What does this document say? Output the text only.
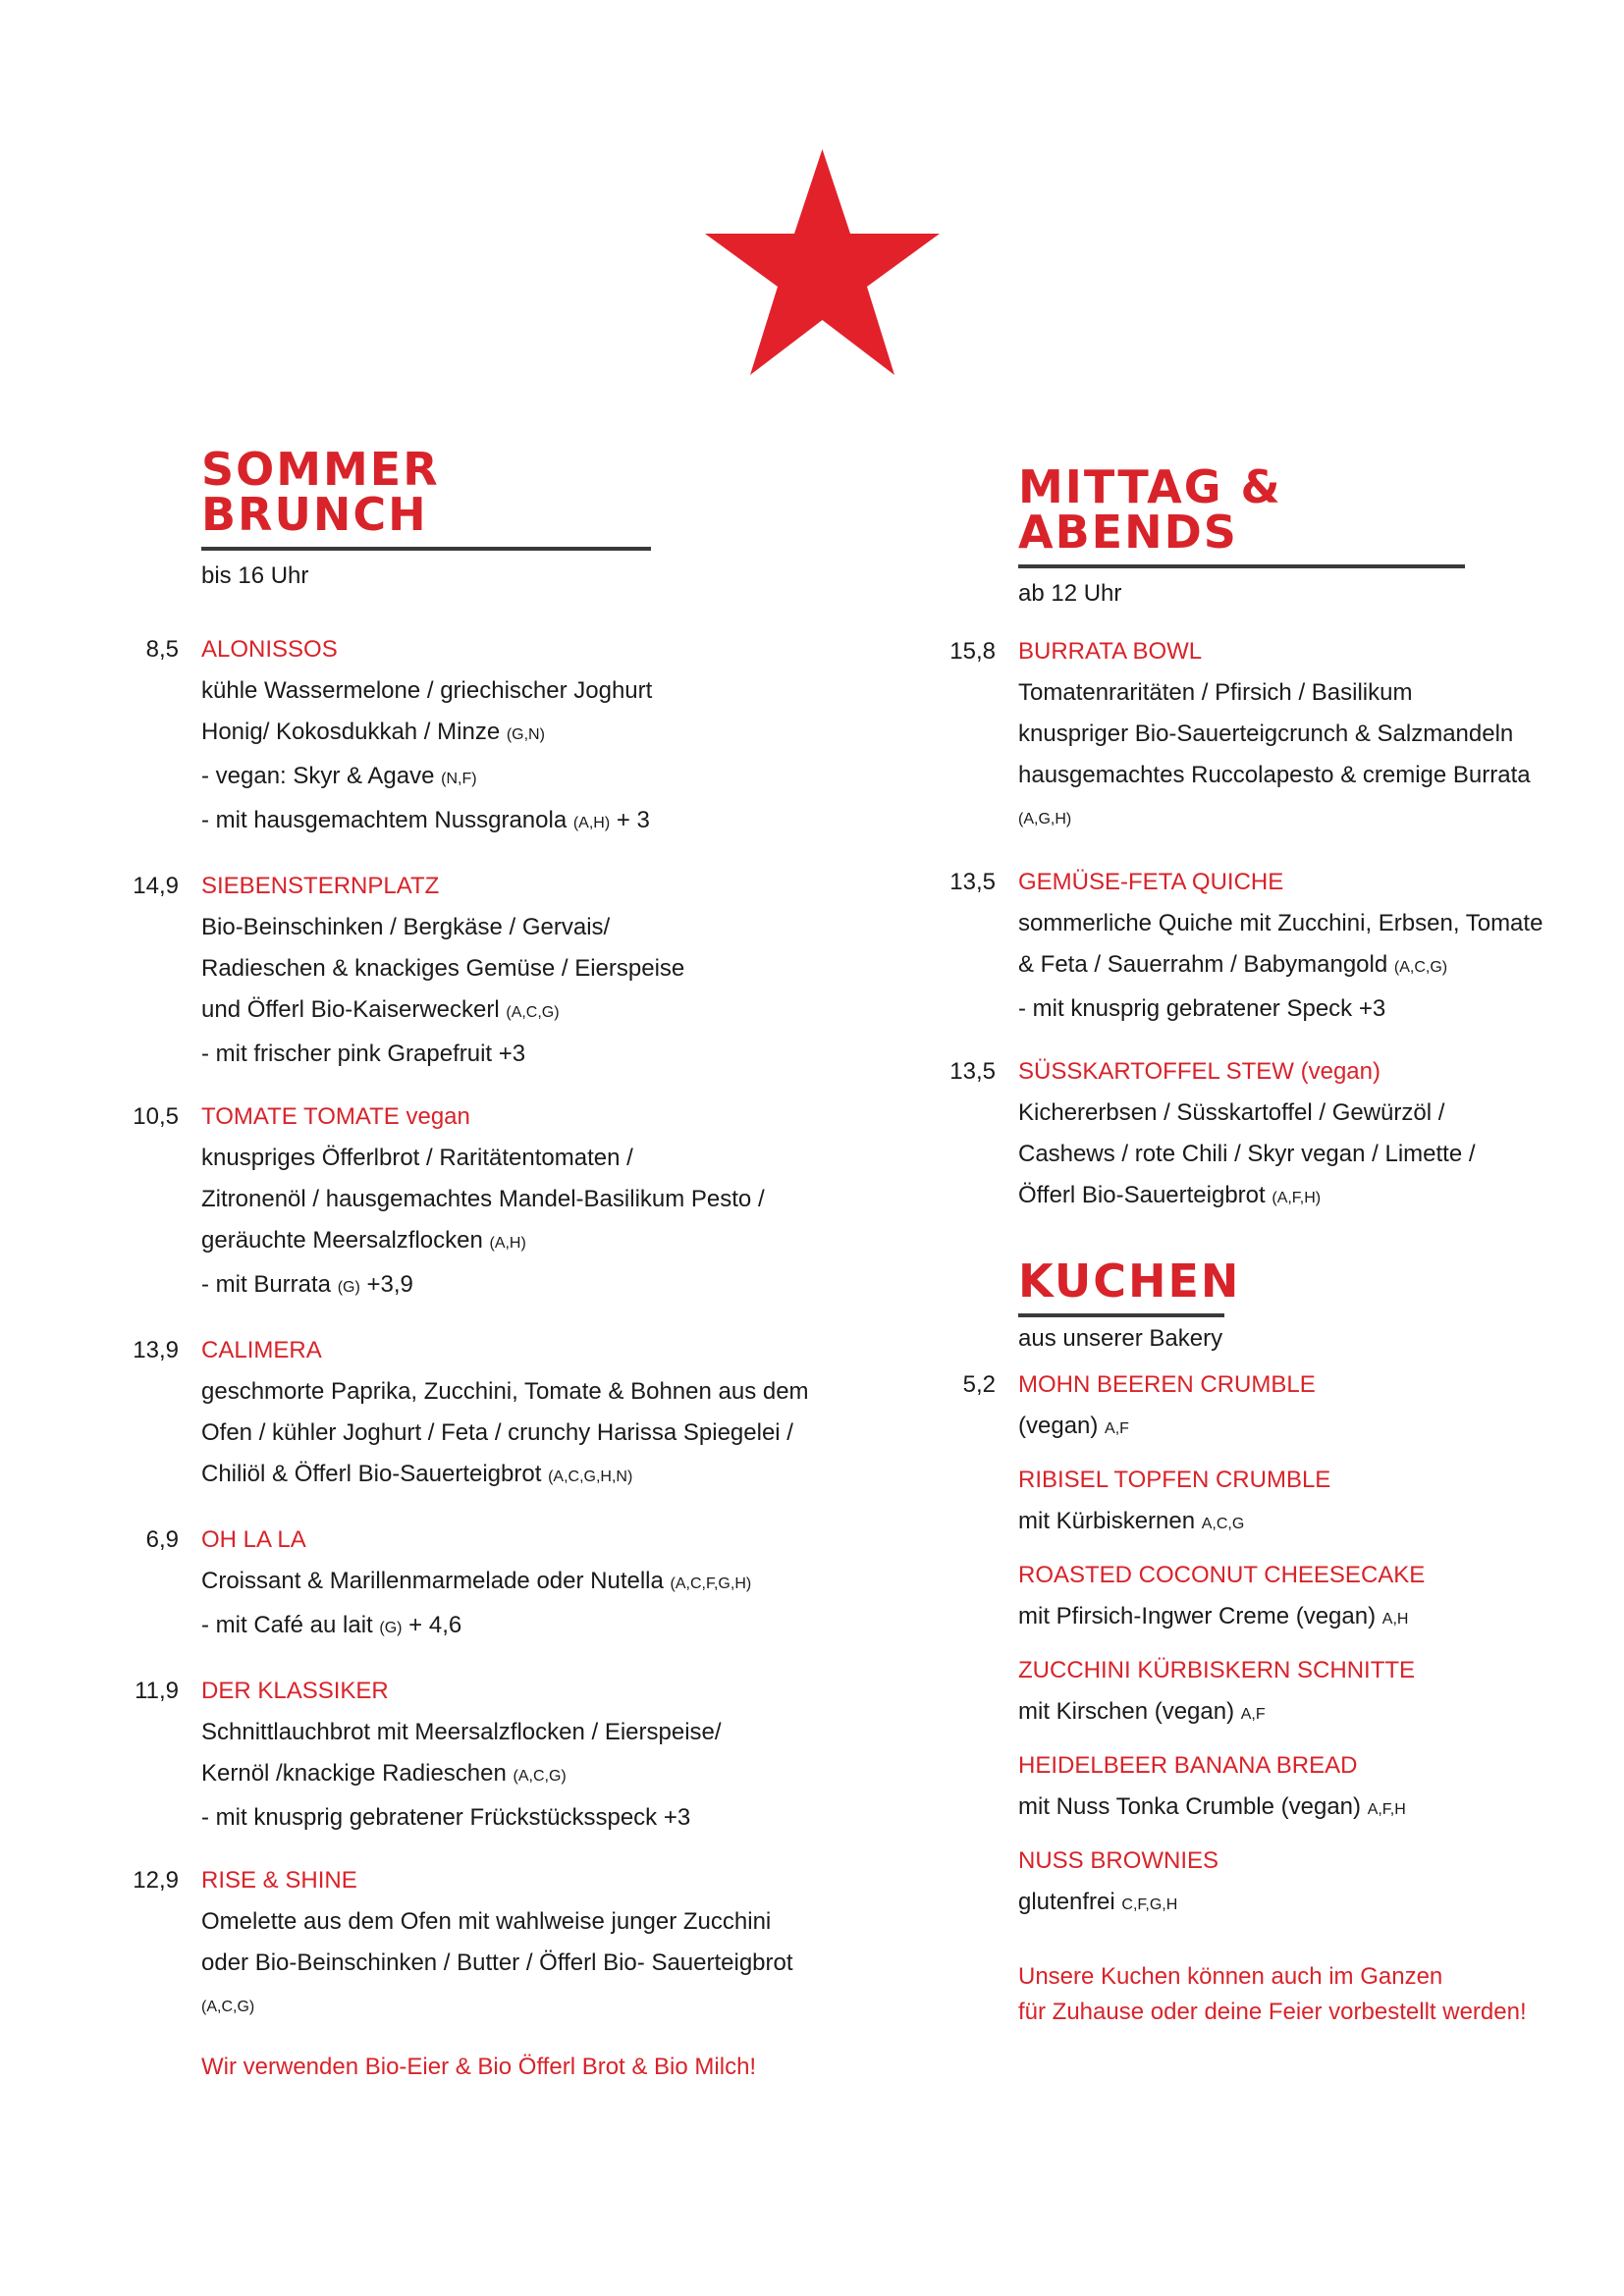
SOMMER BRUNCH
bis 16 Uhr
8,5 ALONISSOS
kühle Wassermelone / griechischer Joghurt
Honig/ Kokosdukkah / Minze (G,N)
- vegan: Skyr & Agave (N,F)
- mit hausgemachtem Nussgranola (A,H) + 3
14,9 SIEBENSTERNPLATZ
Bio-Beinschinken / Bergkäse / Gervais/
Radieschen & knackiges Gemüse / Eierspeise
und Öfferl Bio-Kaiserweckerl (A,C,G)
- mit frischer pink Grapefruit +3
10,5 TOMATE TOMATE vegan
knuspriges Öfferlbrot / Raritätentomaten /
Zitronenöl / hausgemachtes Mandel-Basilikum Pesto /
geräuchte Meersalzflocken (A,H)
- mit Burrata (G) +3,9
13,9 CALIMERA
geschmorte Paprika, Zucchini, Tomate & Bohnen aus dem
Ofen / kühler Joghurt / Feta / crunchy Harissa Spiegelei /
Chiliöl & Öfferl Bio-Sauerteigbrot (A,C,G,H,N)
6,9 OH LA LA
Croissant & Marillenmarmelade oder Nutella (A,C,F,G,H)
- mit Café au lait (G) + 4,6
11,9 DER KLASSIKER
Schnittlauchbrot mit Meersalzflocken / Eierspeise/
Kernöl /knackige Radieschen (A,C,G)
- mit knusprig gebratener Frückstücksspeck +3
12,9 RISE & SHINE
Omelette aus dem Ofen mit wahlweise junger Zucchini
oder Bio-Beinschinken / Butter / Öfferl Bio- Sauerteigbrot
(A,C,G)
Wir verwenden Bio-Eier & Bio Öfferl Brot & Bio Milch!
MITTAG & ABENDS
ab 12 Uhr
15,8 BURRATA BOWL
Tomatenraritäten / Pfirsich / Basilikum
knuspriger Bio-Sauerteigcrunch & Salzmandeln
hausgemachtes Ruccolapesto & cremige Burrata
(A,G,H)
13,5 GEMÜSE-FETA QUICHE
sommerliche Quiche mit Zucchini, Erbsen, Tomate
& Feta / Sauerrahm / Babymangold (A,C,G)
- mit knusprig gebratener Speck +3
13,5 SÜSSKARTOFFEL STEW (vegan)
Kichererbsen / Süsskartoffel / Gewürzöl /
Cashews / rote Chili / Skyr vegan / Limette /
Öfferl Bio-Sauerteigbrot (A,F,H)
KUCHEN
aus unserer Bakery
5,2 MOHN BEEREN CRUMBLE
(vegan) A,F
RIBISEL TOPFEN CRUMBLE
mit Kürbiskernen A,C,G
ROASTED COCONUT CHEESECAKE
mit Pfirsich-Ingwer Creme (vegan) A,H
ZUCCHINI KÜRBISKERN SCHNITTE
mit Kirschen (vegan) A,F
HEIDELBEER BANANA BREAD
mit Nuss Tonka Crumble (vegan) A,F,H
NUSS BROWNIES
glutenfrei C,F,G,H
Unsere Kuchen können auch im Ganzen
für Zuhause oder deine Feier vorbestellt werden!
